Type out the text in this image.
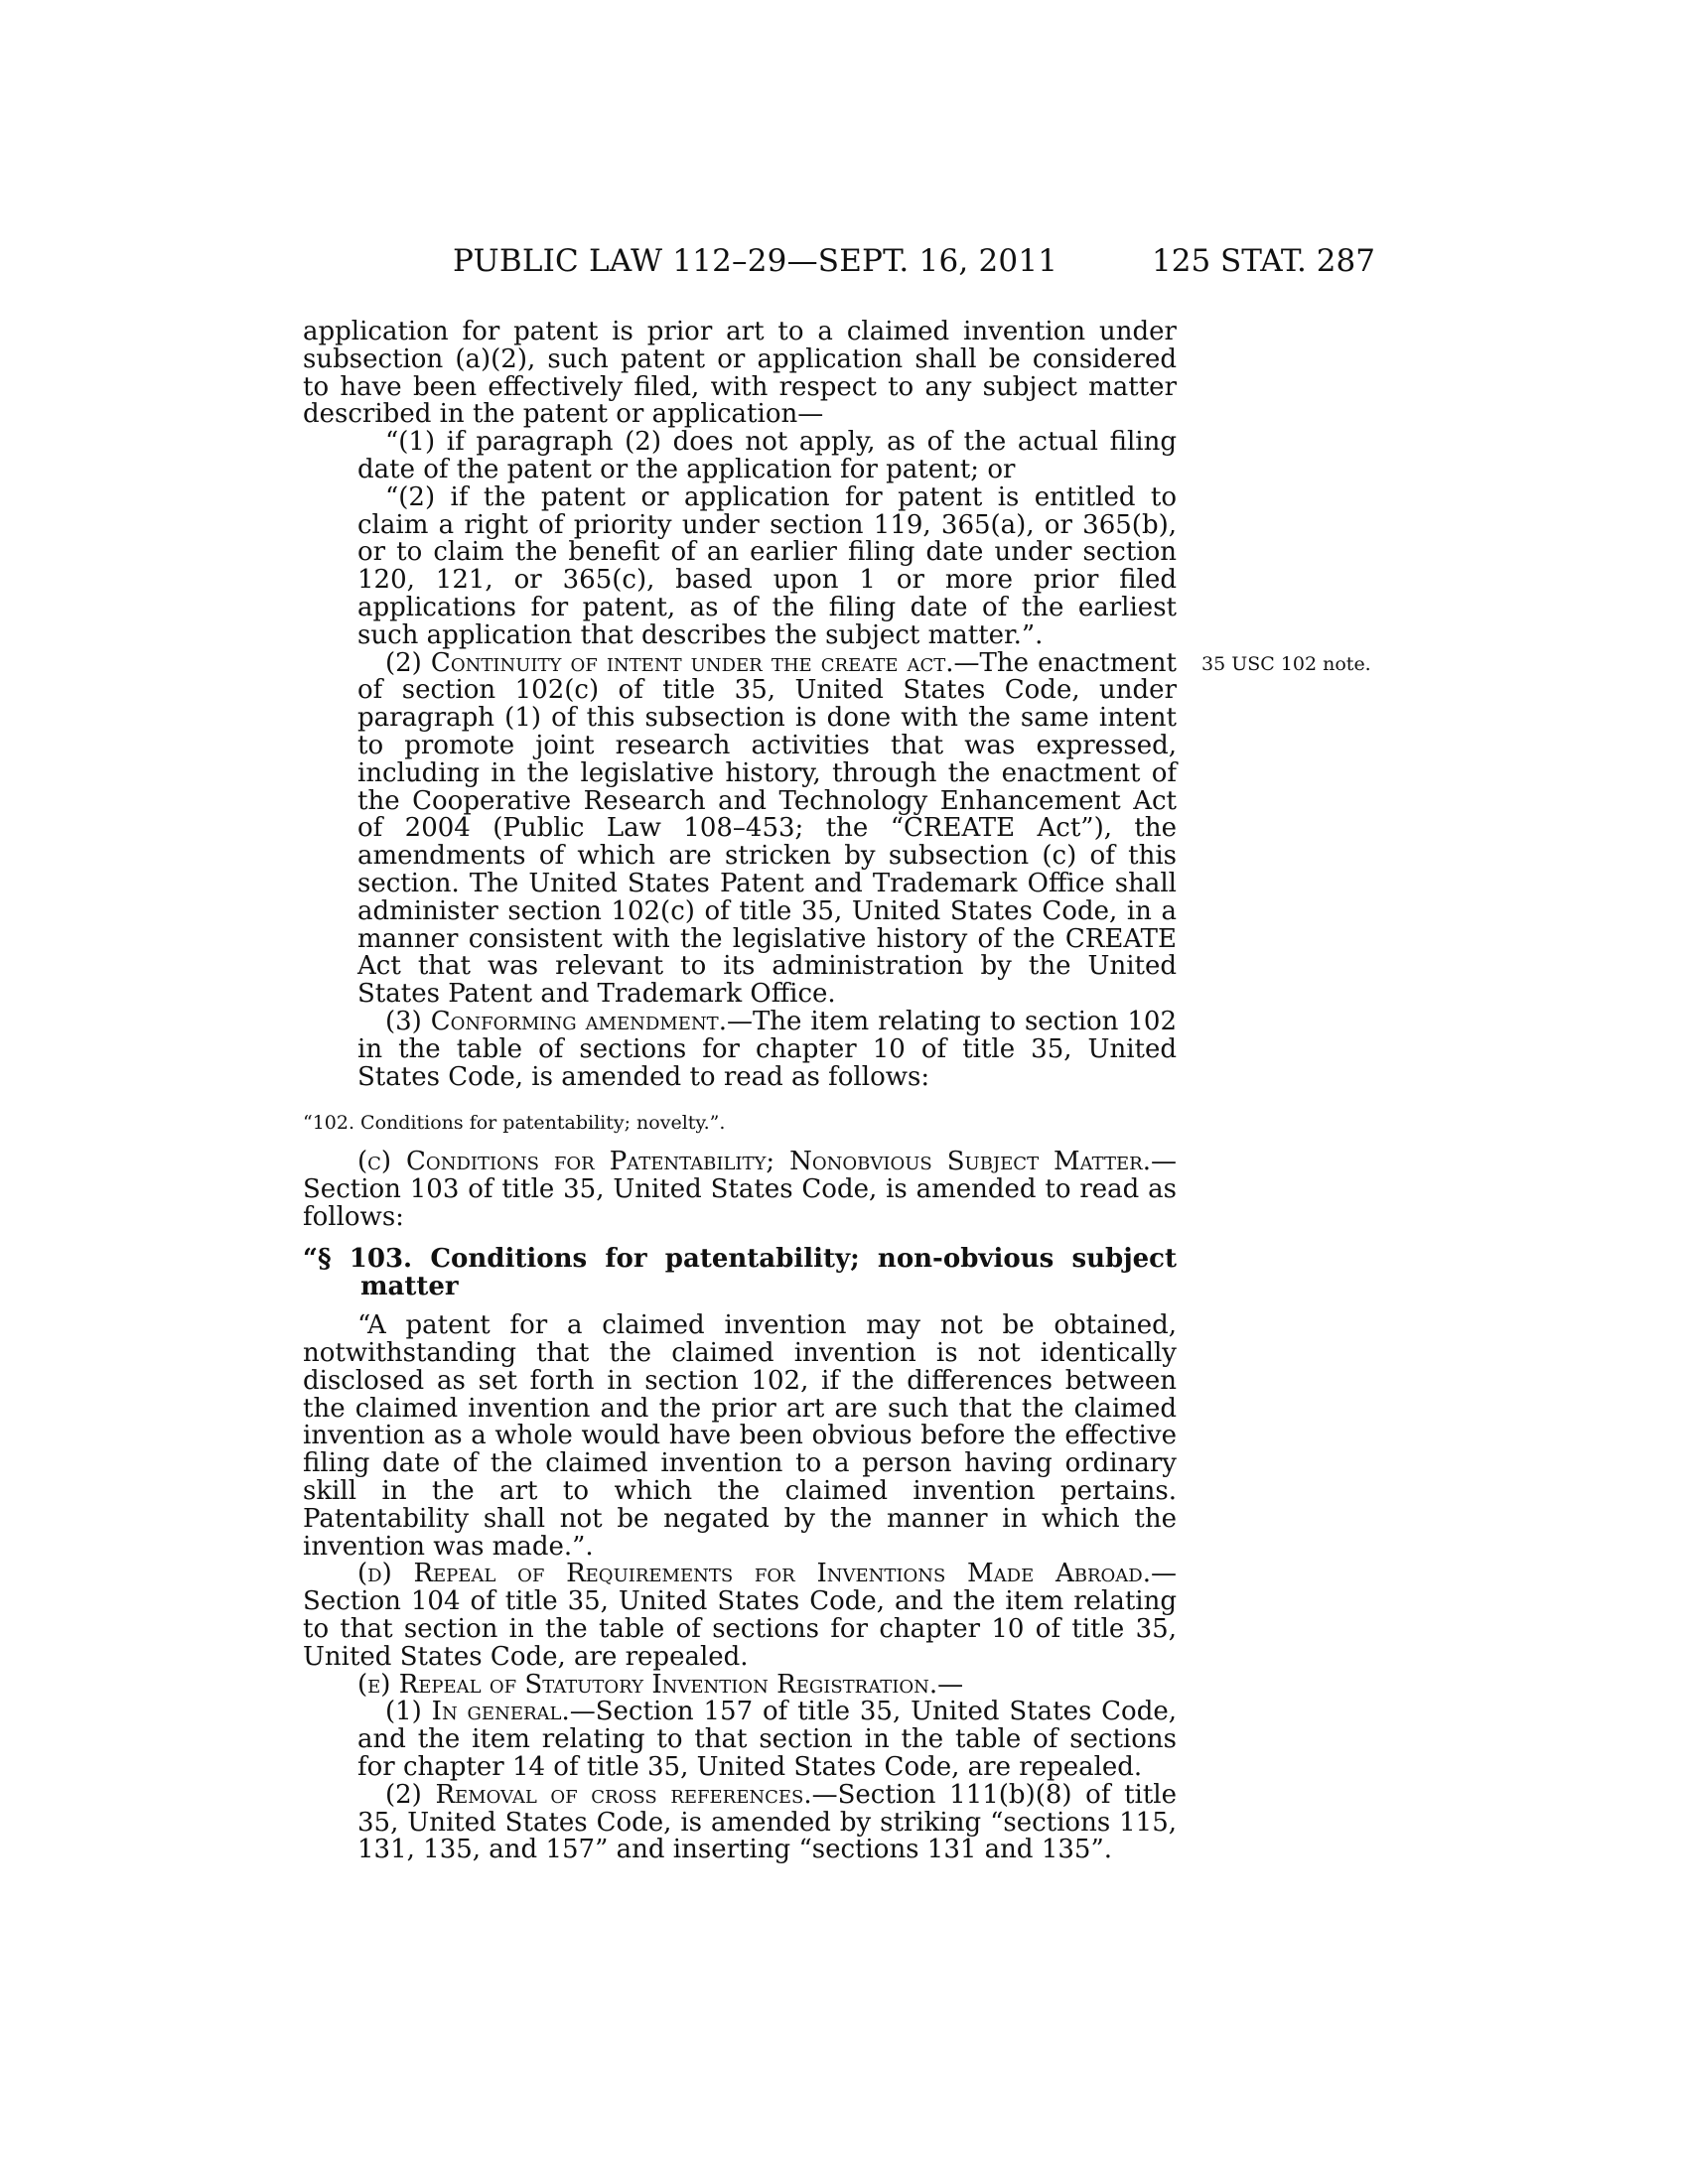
PUBLIC LAW 112–29—SEPT. 16, 2011	125 STAT. 287
35 USC 102 note.

application for patent is prior art to a claimed invention under subsection (a)(2), such patent or application shall be considered to have been effectively filed, with respect to any subject matter described in the patent or application—

“(1) if paragraph (2) does not apply, as of the actual filing date of the patent or the application for patent; or

“(2) if the patent or application for patent is entitled to claim a right of priority under section 119, 365(a), or 365(b), or to claim the benefit of an earlier filing date under section 120, 121, or 365(c), based upon 1 or more prior filed applications for patent, as of the filing date of the earliest such application that describes the subject matter.”.

(2) Continuity of intent under the create act.—The enactment of section 102(c) of title 35, United States Code, under paragraph (1) of this subsection is done with the same intent to promote joint research activities that was expressed, including in the legislative history, through the enactment of the Cooperative Research and Technology Enhancement Act of 2004 (Public Law 108–453; the “CREATE Act”), the amendments of which are stricken by subsection (c) of this section. The United States Patent and Trademark Office shall administer section 102(c) of title 35, United States Code, in a manner consistent with the legislative history of the CREATE Act that was relevant to its administration by the United States Patent and Trademark Office.

(3) Conforming amendment.—The item relating to section 102 in the table of sections for chapter 10 of title 35, United States Code, is amended to read as follows:

“102. Conditions for patentability; novelty.”.

(c) Conditions for Patentability; Nonobvious Subject Matter.—Section 103 of title 35, United States Code, is amended to read as follows:

“§ 103. Conditions for patentability; non-obvious subject matter

“A patent for a claimed invention may not be obtained, notwithstanding that the claimed invention is not identically disclosed as set forth in section 102, if the differences between the claimed invention and the prior art are such that the claimed invention as a whole would have been obvious before the effective filing date of the claimed invention to a person having ordinary skill in the art to which the claimed invention pertains. Patentability shall not be negated by the manner in which the invention was made.”.

(d) Repeal of Requirements for Inventions Made Abroad.—Section 104 of title 35, United States Code, and the item relating to that section in the table of sections for chapter 10 of title 35, United States Code, are repealed.

(e) Repeal of Statutory Invention Registration.—

(1) In general.—Section 157 of title 35, United States Code, and the item relating to that section in the table of sections for chapter 14 of title 35, United States Code, are repealed.

(2) Removal of cross references.—Section 111(b)(8) of title 35, United States Code, is amended by striking “sections 115, 131, 135, and 157” and inserting “sections 131 and 135”.
